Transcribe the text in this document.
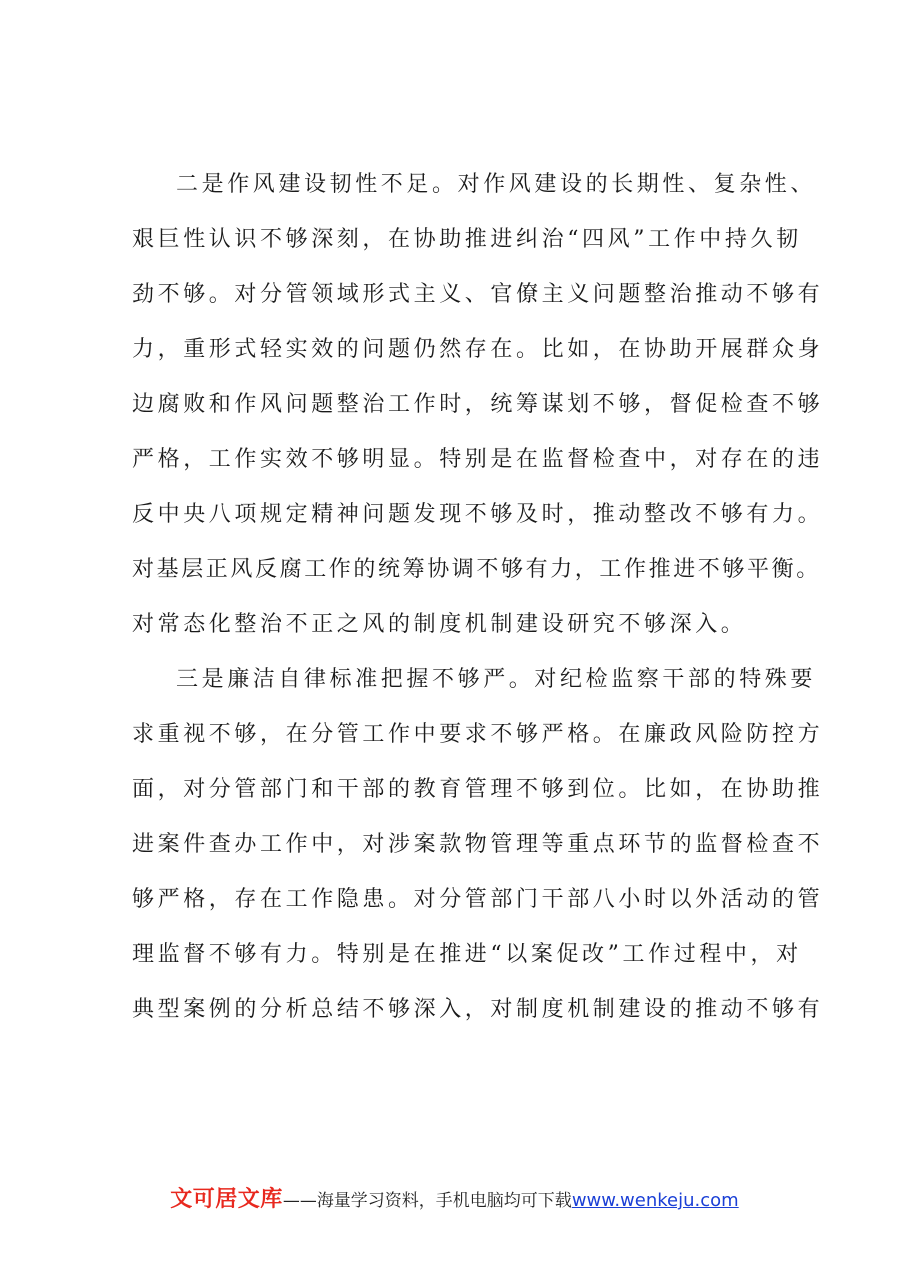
二是作风建设韧性不足。对作风建设的长期性、复杂性、
艰巨性认识不够深刻，在协助推进纠治“四风”工作中持久韧
劲不够。对分管领域形式主义、官僚主义问题整治推动不够有
力，重形式轻实效的问题仍然存在。比如，在协助开展群众身
边腐败和作风问题整治工作时，统筹谋划不够，督促检查不够
严格，工作实效不够明显。特别是在监督检查中，对存在的违
反中央八项规定精神问题发现不够及时，推动整改不够有力。
对基层正风反腐工作的统筹协调不够有力，工作推进不够平衡。
对常态化整治不正之风的制度机制建设研究不够深入。
三是廉洁自律标准把握不够严。对纪检监察干部的特殊要
求重视不够，在分管工作中要求不够严格。在廉政风险防控方
面，对分管部门和干部的教育管理不够到位。比如，在协助推
进案件查办工作中，对涉案款物管理等重点环节的监督检查不
够严格，存在工作隐患。对分管部门干部八小时以外活动的管
理监督不够有力。特别是在推进“以案促改”工作过程中，对
典型案例的分析总结不够深入，对制度机制建设的推动不够有
文可居文库——海量学习资料，手机电脑均可下载www.wenkeju.com
